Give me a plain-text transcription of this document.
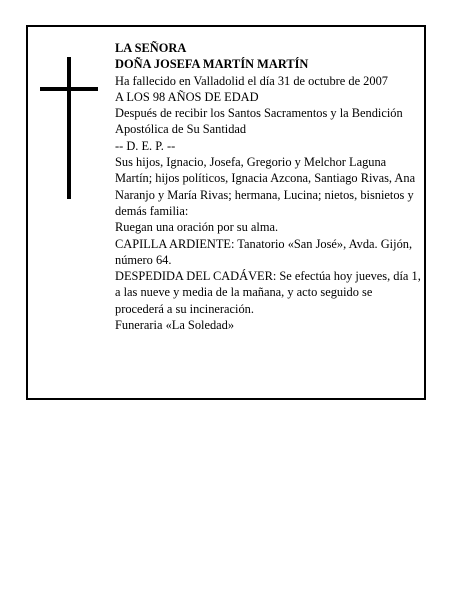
LA SEÑORA

DOÑA JOSEFA MARTÍN MARTÍN

Ha fallecido en Valladolid el día 31 de octubre de 2007

A LOS 98 AÑOS DE EDAD

Después de recibir los Santos Sacramentos y la Bendición Apostólica de Su Santidad

-- D. E. P. --

Sus hijos, Ignacio, Josefa, Gregorio y Melchor Laguna Martín; hijos políticos, Ignacia Azcona, Santiago Rivas, Ana Naranjo y María Rivas; hermana, Lucina; nietos, bisnietos y demás familia:

Ruegan una oración por su alma.

CAPILLA ARDIENTE: Tanatorio «San José», Avda. Gijón, número 64.

DESPEDIDA DEL CADÁVER: Se efectúa hoy jueves, día 1, a las nueve y media de la mañana, y acto seguido se procederá a su incineración.

Funeraria «La Soledad»
